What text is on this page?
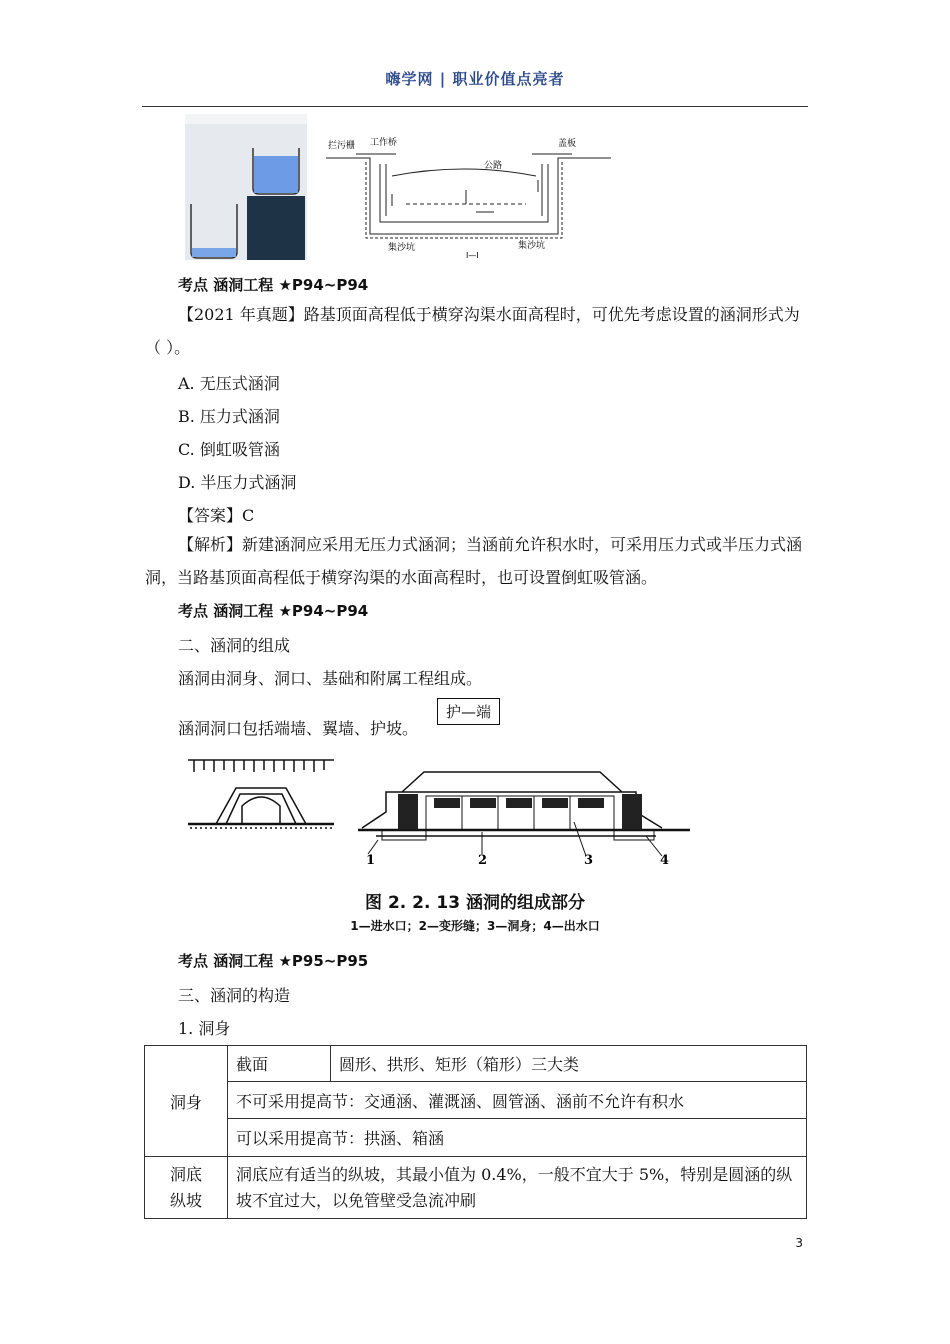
嗨学网 | 职业价值点亮者
拦污栅 工作桥
公路
盖板
集沙坑	集沙坑
I—I
考点 涵洞工程 ★P94~P94
【2021 年真题】路基顶面高程低于横穿沟渠水面高程时，可优先考虑设置的涵洞形式为（ ）。
A. 无压式涵洞
B. 压力式涵洞
C. 倒虹吸管涵
D. 半压力式涵洞
【答案】C
【解析】新建涵洞应采用无压力式涵洞；当涵前允许积水时，可采用压力式或半压力式涵洞，当路基顶面高程低于横穿沟渠的水面高程时，也可设置倒虹吸管涵。
考点 涵洞工程 ★P94~P94
二、涵洞的组成
涵洞由洞身、洞口、基础和附属工程组成。
涵洞洞口包括端墙、翼墙、护坡。
护—端
1	2	3	4
图 2. 2. 13 涵洞的组成部分
1—进水口；2—变形缝；3—洞身；4—出水口
考点 涵洞工程 ★P95~P95
三、涵洞的构造
1. 洞身
洞身	截面	圆形、拱形、矩形（箱形）三大类
	不可采用提高节：交通涵、灌溉涵、圆管涵、涵前不允许有积水	
	可以采用提高节：拱涵、箱涵	
洞底
纵坡	洞底应有适当的纵坡，其最小值为 0.4%，一般不宜大于 5%，特别是圆涵的纵坡不宜过大，以免管壁受急流冲刷	
3
